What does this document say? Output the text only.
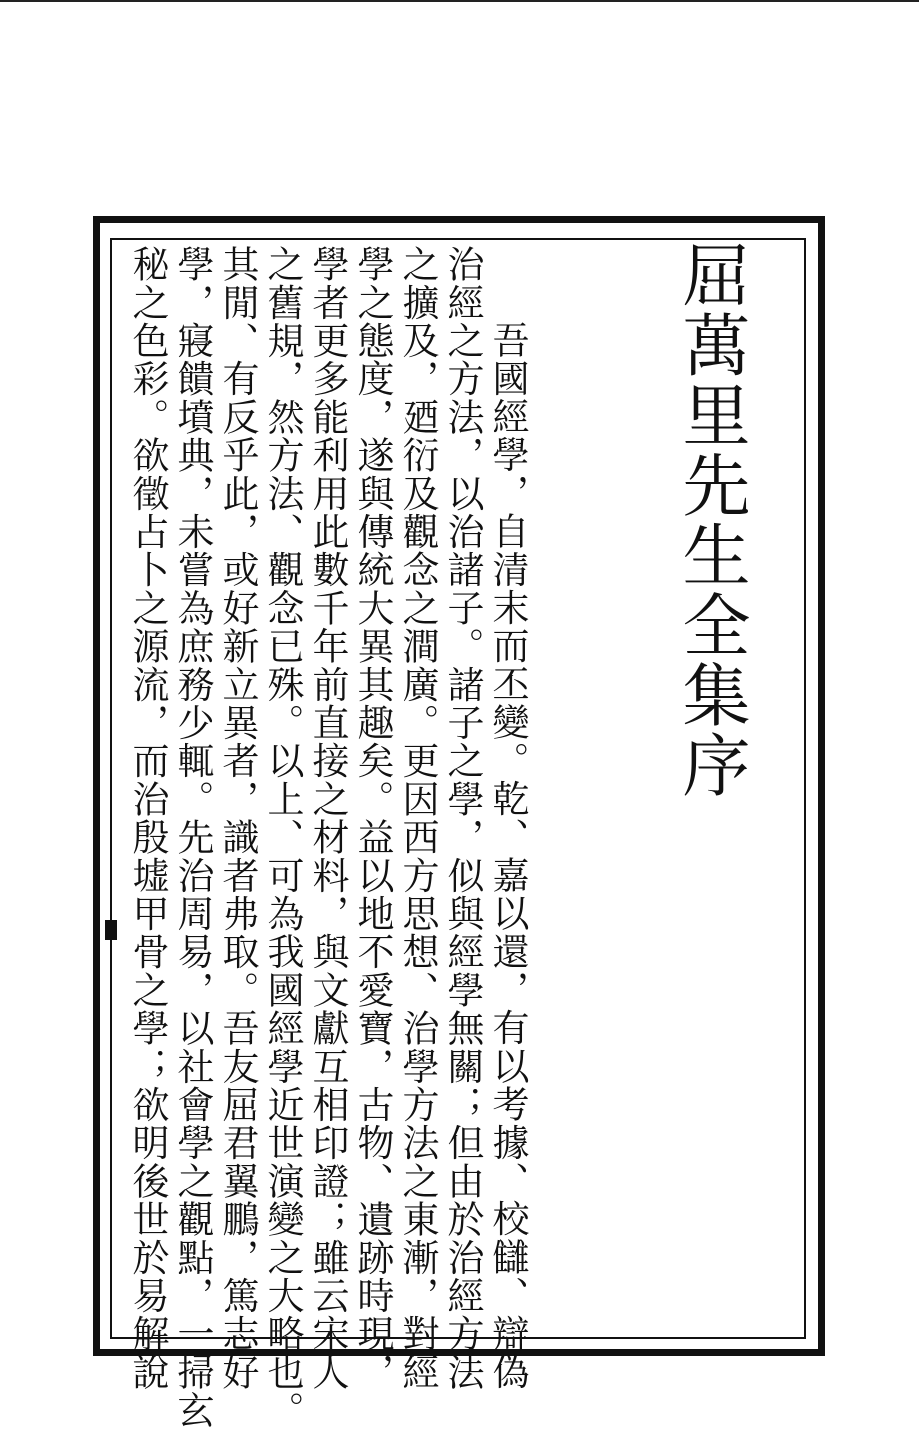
屈萬里先生全集序
吾國經學，自清末而丕變。乾、嘉以還，有以考據、校讎、辯偽
治經之方法，以治諸子。諸子之學，似與經學無關；但由於治經方法
之擴及，廼衍及觀念之澗廣。更因西方思想、治學方法之東漸，對經
學之態度，遂與傳統大異其趣矣。益以地不愛寶，古物、遺跡時現，
學者更多能利用此數千年前直接之材料，與文獻互相印證；雖云宋人
之舊規，然方法、觀念已殊。以上、可為我國經學近世演變之大略也。
其閒、有反乎此，或好新立異者，識者弗取。吾友屈君翼鵬，篤志好
學，寢饋墳典，未嘗為庶務少輒。先治周易，以社會學之觀點，一掃玄
秘之色彩。欲徵占卜之源流，而治殷墟甲骨之學；欲明後世於易解說
